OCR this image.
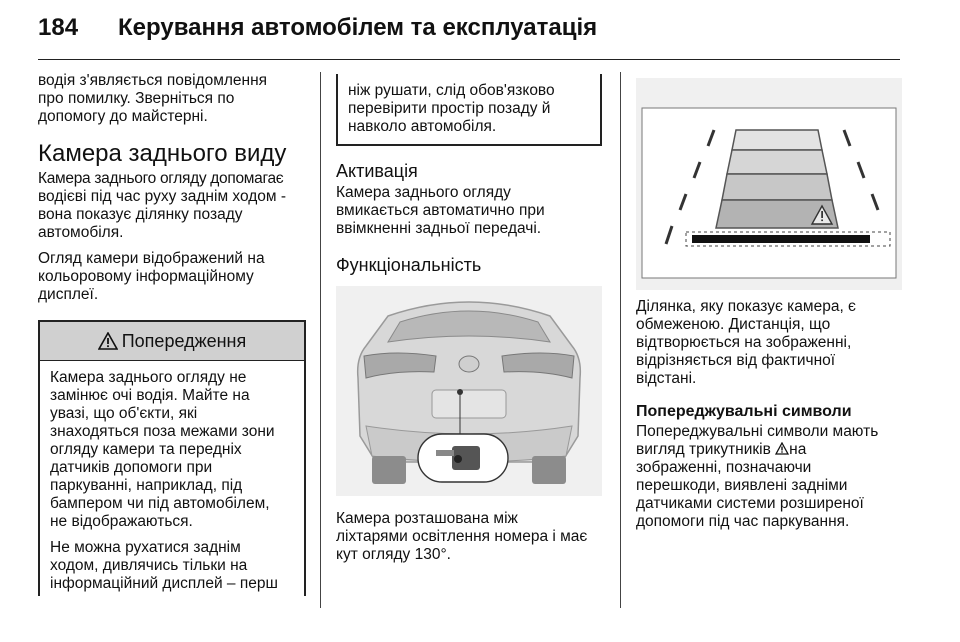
184 Керування автомобілем та експлуатація

водія з'являється повідомлення

про помилку. Зверніться по

допомогу до майстерні.

Камера заднього виду

Камера заднього огляду допомагає

водієві під час руху заднім ходом -

вона показує ділянку позаду

автомобіля.

Огляд камери відображений на

кольоровому інформаційному

дисплеї.

Попередження

Камера заднього огляду не

замінює очі водія. Майте на

увазі, що об'єкти, які

знаходяться поза межами зони

огляду камери та передніх

датчиків допомоги при

паркуванні, наприклад, під

бампером чи під автомобілем,

не відображаються.

Не можна рухатися заднім

ходом, дивлячись тільки на

інформаційний дисплей – перш

ніж рушати, слід обов'язково

перевірити простір позаду й

навколо автомобіля.

Активація

Камера заднього огляду

вмикається автоматично при

ввімкненні задньої передачі.

Функціональність

Камера розташована між

ліхтарями освітлення номера і має

кут огляду 130°.

Ділянка, яку показує камера, є

обмеженою. Дистанція, що

відтворюється на зображенні,

відрізняється від фактичної

відстані.

Попереджувальні символи

Попереджувальні символи мають

вигляд трикутників на

зображенні, позначаючи

перешкоди, виявлені задніми

датчиками системи розширеної

допомоги під час паркування.
